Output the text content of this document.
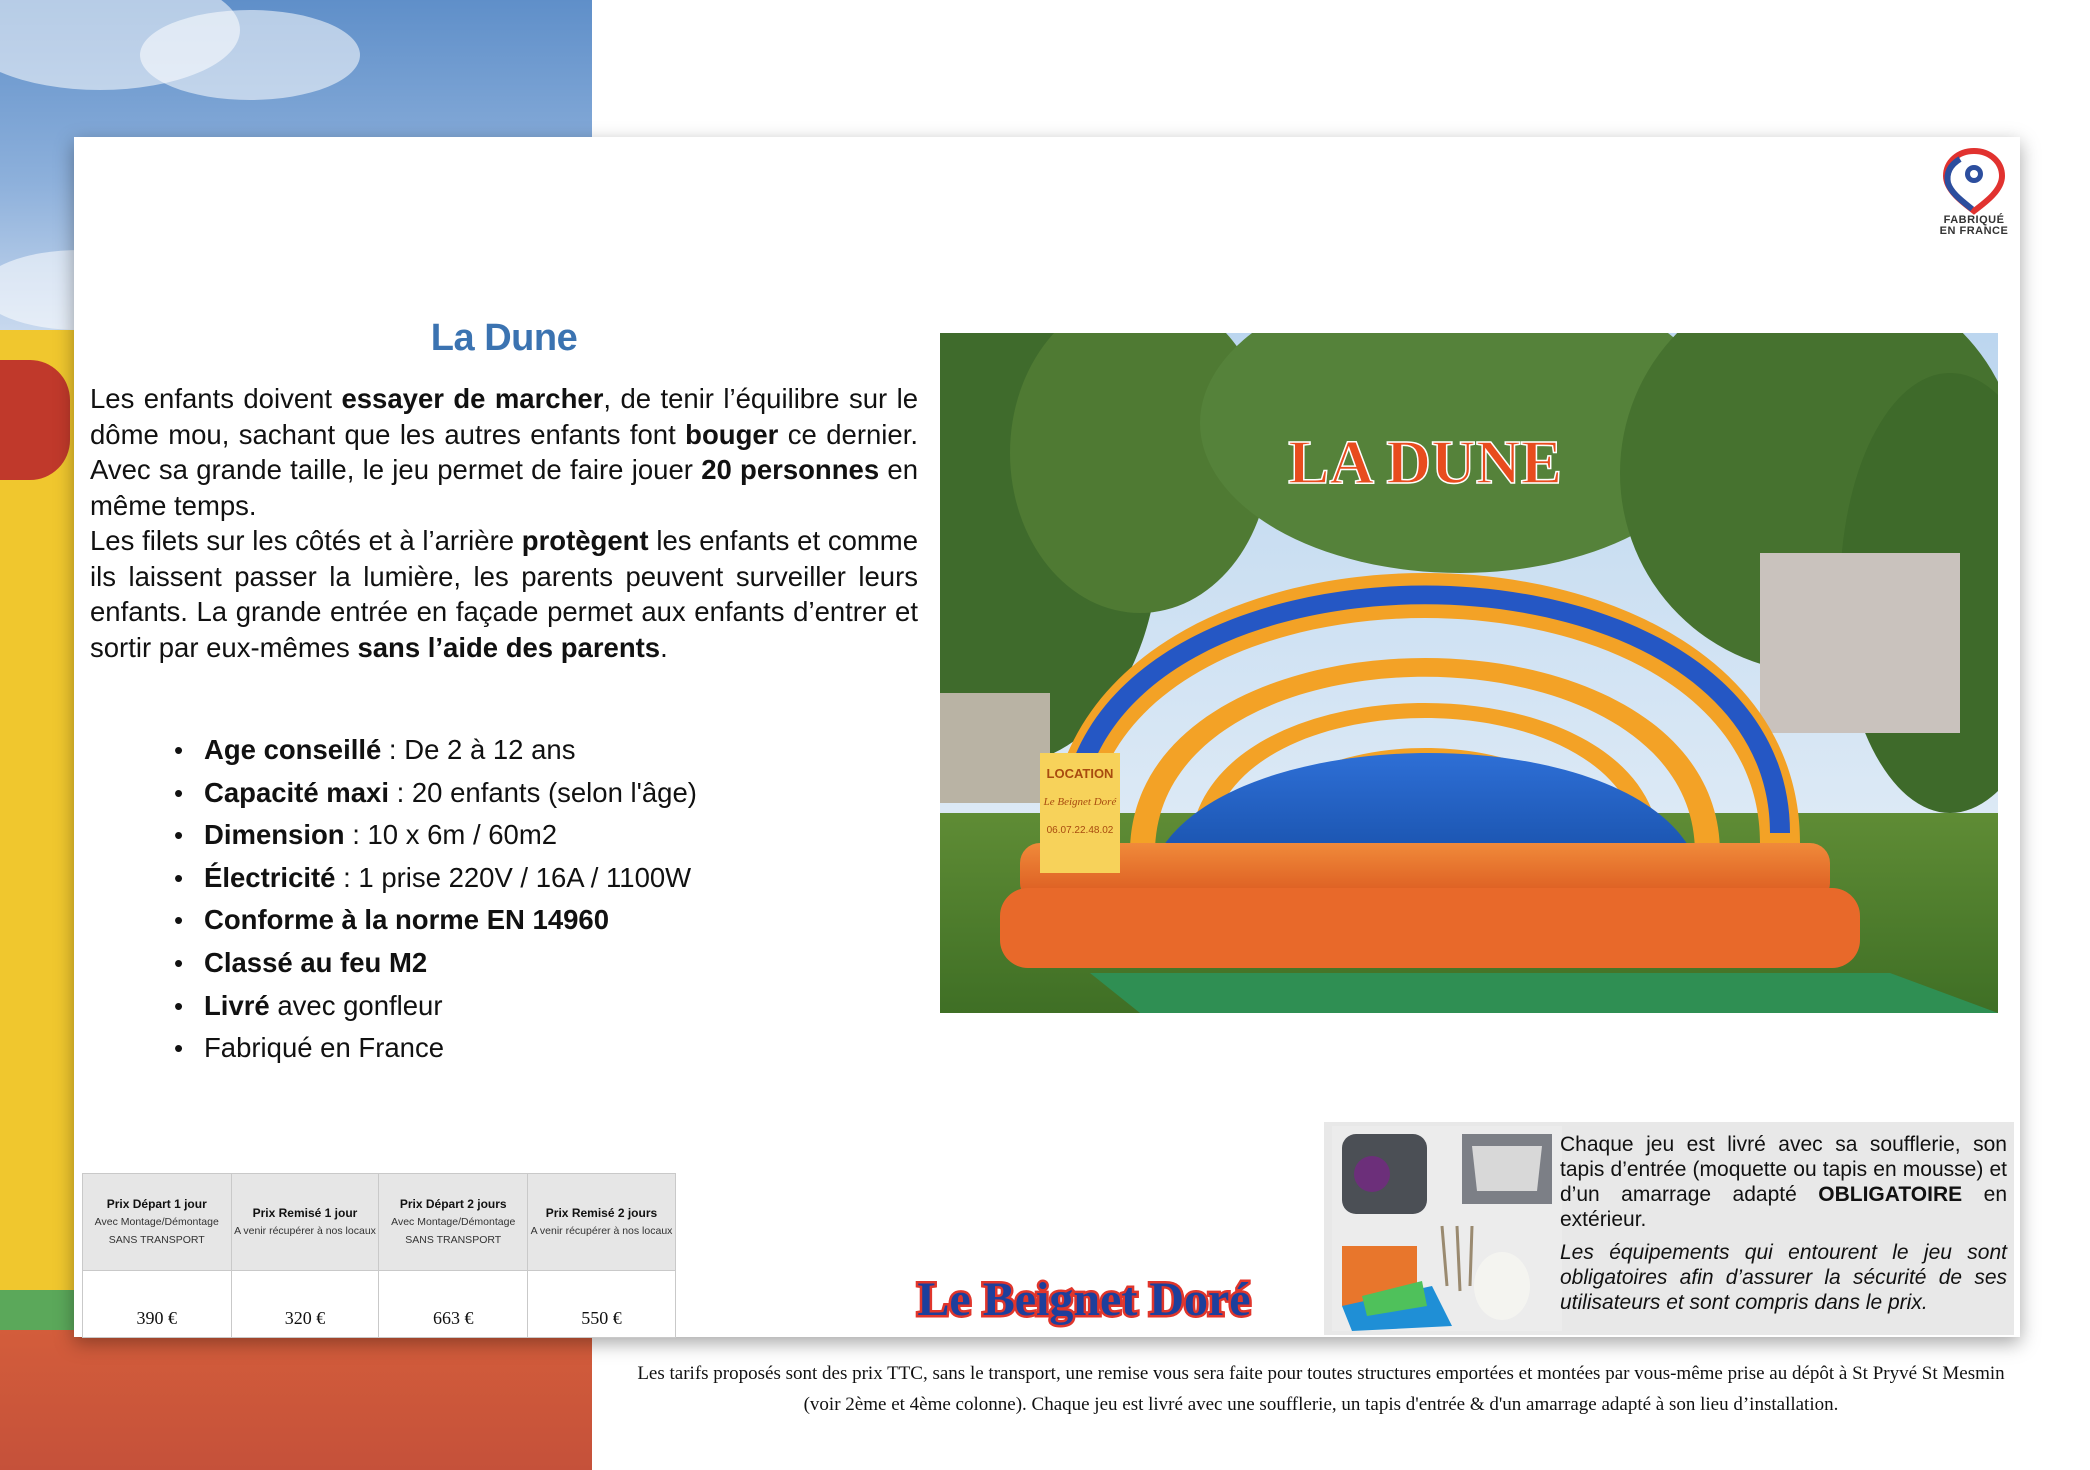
FABRIQUÉ
EN FRANCE
La Dune

Les enfants doivent essayer de marcher, de tenir l’équilibre sur le dôme mou, sachant que les autres enfants font bouger ce dernier. Avec sa grande taille, le jeu permet de faire jouer 20 personnes en même temps.

Les filets sur les côtés et à l’arrière protègent les enfants et comme ils laissent passer la lumière, les parents peuvent surveiller leurs enfants. La grande entrée en façade permet aux enfants d’entrer et sortir par eux-mêmes sans l’aide des parents.

• Age conseillé : De 2 à 12 ans
• Capacité maxi : 20 enfants (selon l'âge)
• Dimension : 10 x 6m / 60m2
• Électricité : 1 prise 220V / 16A / 1100W
• Conforme à la norme EN 14960
• Classé au feu M2
• Livré avec gonfleur
• Fabriqué en France
LA DUNE
LOCATION
Le Beignet Doré
06.07.22.48.02
Prix Départ 1 jour
Avec Montage/Démontage
SANS TRANSPORT	Prix Remisé 1 jour
A venir récupérer à nos locaux	Prix Départ 2 jours
Avec Montage/Démontage
SANS TRANSPORT	Prix Remisé 2 jours
A venir récupérer à nos locaux

390 €	320 €	663 €	550 €	Le Beignet Doré

Chaque jeu est livré avec sa soufflerie, son tapis d’entrée (moquette ou tapis en mousse) et d’un amarrage adapté OBLIGATOIRE en extérieur.

Les équipements qui entourent le jeu sont obligatoires afin d’assurer la sécurité de ses utilisateurs et sont compris dans le prix.

Les tarifs proposés sont des prix TTC, sans le transport, une remise vous sera faite pour toutes structures emportées et montées par vous-même prise au dépôt à St Pryvé St Mesmin (voir 2ème et 4ème colonne). Chaque jeu est livré avec une soufflerie, un tapis d'entrée & d'un amarrage adapté à son lieu d’installation.
